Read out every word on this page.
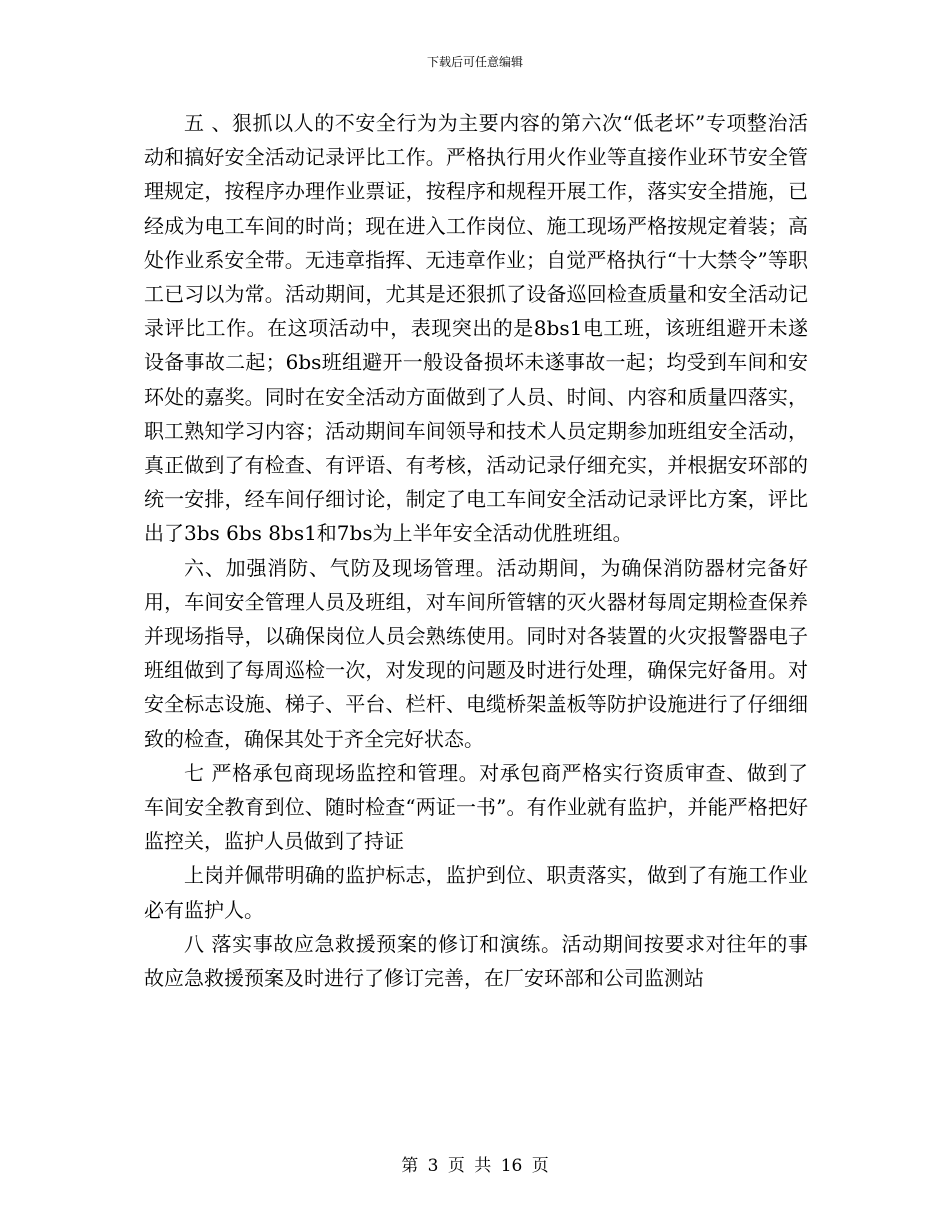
下载后可任意编辑

五 、狠抓以人的不安全行为为主要内容的第六次“低老坏”专项整治活动和搞好安全活动记录评比工作。严格执行用火作业等直接作业环节安全管理规定，按程序办理作业票证，按程序和规程开展工作，落实安全措施，已经成为电工车间的时尚；现在进入工作岗位、施工现场严格按规定着装；高处作业系安全带。无违章指挥、无违章作业；自觉严格执行“十大禁令”等职工已习以为常。活动期间，尤其是还狠抓了设备巡回检查质量和安全活动记录评比工作。在这项活动中，表现突出的是8bs1电工班，该班组避开未遂设备事故二起；6bs班组避开一般设备损坏未遂事故一起；均受到车间和安环处的嘉奖。同时在安全活动方面做到了人员、时间、内容和质量四落实，职工熟知学习内容；活动期间车间领导和技术人员定期参加班组安全活动，真正做到了有检查、有评语、有考核，活动记录仔细充实，并根据安环部的统一安排，经车间仔细讨论，制定了电工车间安全活动记录评比方案，评比出了3bs 6bs 8bs1和7bs为上半年安全活动优胜班组。

六、加强消防、气防及现场管理。活动期间，为确保消防器材完备好用，车间安全管理人员及班组，对车间所管辖的灭火器材每周定期检查保养并现场指导，以确保岗位人员会熟练使用。同时对各装置的火灾报警器电子班组做到了每周巡检一次，对发现的问题及时进行处理，确保完好备用。对安全标志设施、梯子、平台、栏杆、电缆桥架盖板等防护设施进行了仔细细致的检查，确保其处于齐全完好状态。

七 严格承包商现场监控和管理。对承包商严格实行资质审查、做到了车间安全教育到位、随时检查“两证一书”。有作业就有监护，并能严格把好监控关，监护人员做到了持证

上岗并佩带明确的监护标志，监护到位、职责落实，做到了有施工作业必有监护人。

八 落实事故应急救援预案的修订和演练。活动期间按要求对往年的事故应急救援预案及时进行了修订完善，在厂安环部和公司监测站

第 3 页 共 16 页
